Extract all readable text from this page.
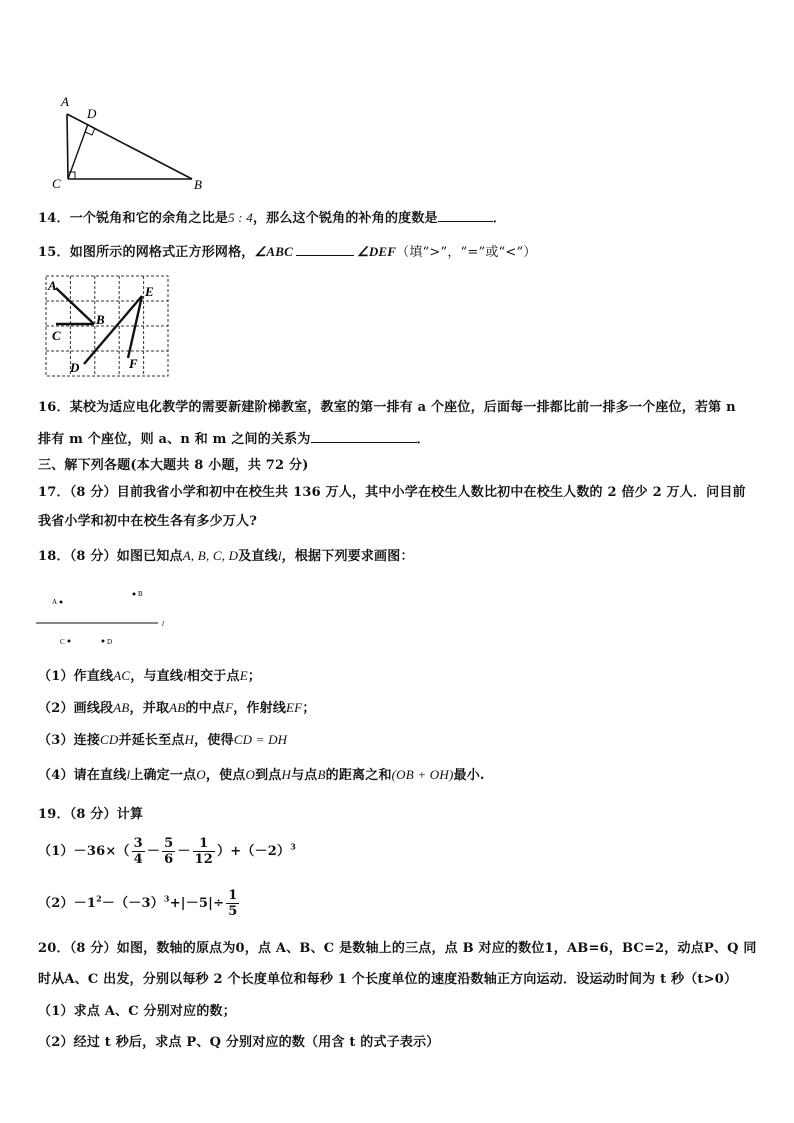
A
D
C	B
14．一个锐角和它的余角之比是5 : 4，那么这个锐角的补角的度数是	．
15．如图所示的网格式正方形网格，∠ABC	∠DEF（填“>”，“=”或“<”）
A
B
C
D
E
F
16．某校为适应电化教学的需要新建阶梯教室，教室的第一排有 a 个座位，后面每一排都比前一排多一个座位，若第 n
排有 m 个座位，则 a、n 和 m 之间的关系为	．
三、解下列各题(本大题共 8 小题，共 72 分)
17．（8 分）目前我省小学和初中在校生共 136 万人，其中小学在校生人数比初中在校生人数的 2 倍少 2 万人．问目前
我省小学和初中在校生各有多少万人?
18．（8 分）如图已知点A, B, C, D及直线l，根据下列要求画图：
A
B
l
C	D
（1）作直线AC，与直线l相交于点E；
（2）画线段AB，并取AB的中点F，作射线EF；
（3）连接CD并延长至点H，使得CD = DH
（4）请在直线l上确定一点O，使点O到点H与点B的距离之和(OB + OH)最小.
19．（8 分）计算
$(1)-36\times( \frac{3}{4} - \frac{5}{6} - \frac{1}{12} )+(-2)^3$
$(2)-1^2-(-3)^3+|-5|\div \frac{1}{5}$
20．（8 分）如图，数轴的原点为0，点 A、B、C 是数轴上的三点，点 B 对应的数位1，AB=6，BC=2，动点P、Q 同
时从A、C 出发，分别以每秒 2 个长度单位和每秒 1 个长度单位的速度沿数轴正方向运动．设运动时间为 t 秒（t>0）
（1）求点 A、C 分别对应的数；
（2）经过 t 秒后，求点 P、Q 分别对应的数（用含 t 的式子表示）
